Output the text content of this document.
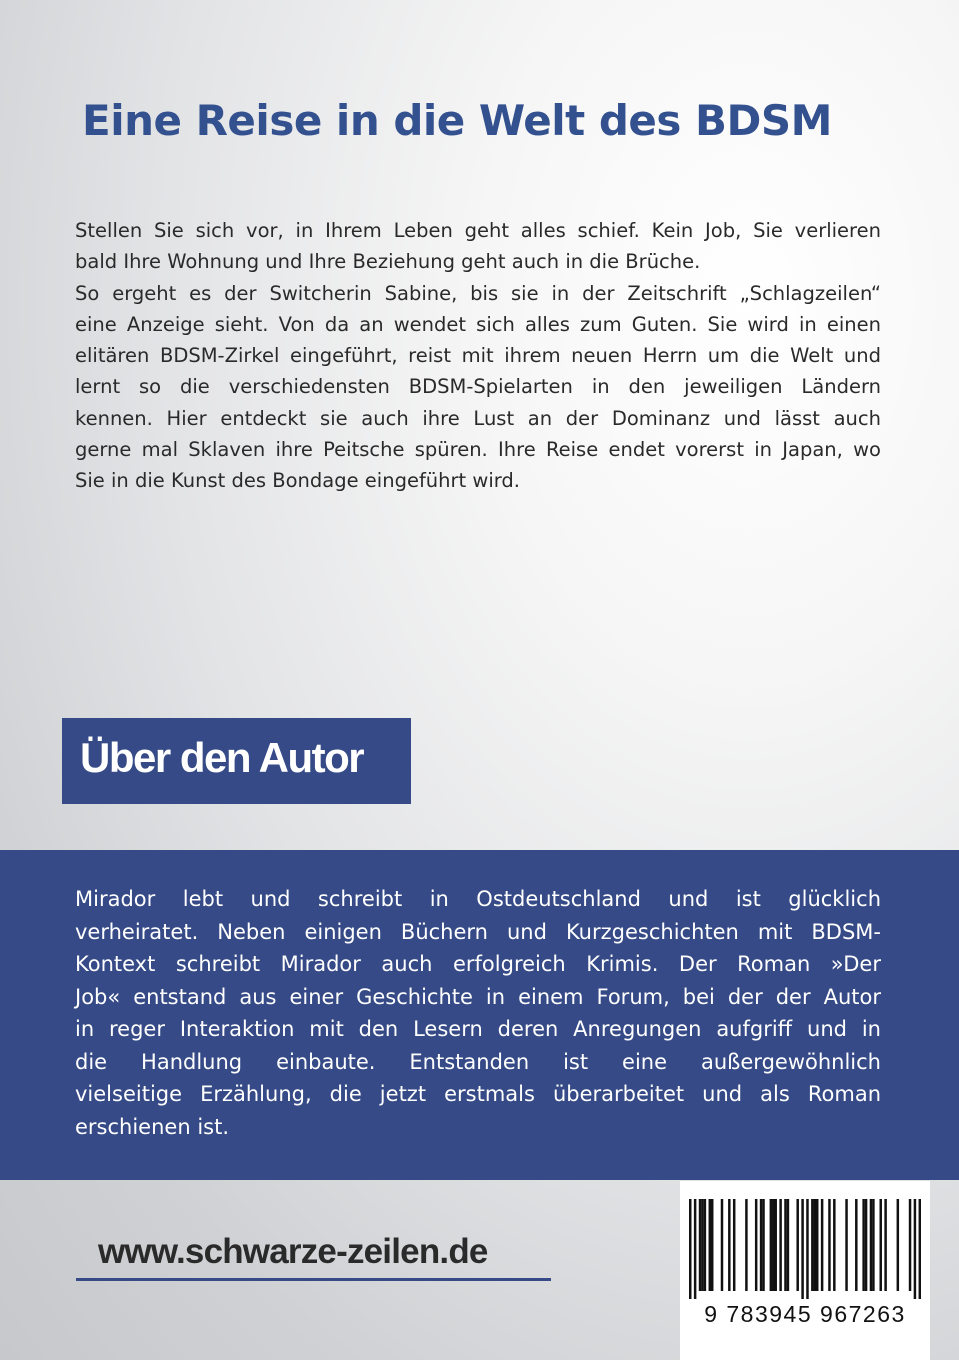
Eine Reise in die Welt des BDSM
Stellen Sie sich vor, in Ihrem Leben geht alles schief. Kein Job, Sie verlieren
bald Ihre Wohnung und Ihre Beziehung geht auch in die Brüche.
So ergeht es der Switcherin Sabine, bis sie in der Zeitschrift „Schlagzeilen“
eine Anzeige sieht. Von da an wendet sich alles zum Guten. Sie wird in einen
elitären BDSM-Zirkel eingeführt, reist mit ihrem neuen Herrn um die Welt und
lernt so die verschiedensten BDSM-Spielarten in den jeweiligen Ländern
kennen. Hier entdeckt sie auch ihre Lust an der Dominanz und lässt auch
gerne mal Sklaven ihre Peitsche spüren. Ihre Reise endet vorerst in Japan, wo
Sie in die Kunst des Bondage eingeführt wird.
Über den Autor
Mirador lebt und schreibt in Ostdeutschland und ist glücklich
verheiratet. Neben einigen Büchern und Kurzgeschichten mit BDSM-
Kontext schreibt Mirador auch erfolgreich Krimis. Der Roman »Der
Job« entstand aus einer Geschichte in einem Forum, bei der der Autor
in reger Interaktion mit den Lesern deren Anregungen aufgriff und in
die Handlung einbaute. Entstanden ist eine außergewöhnlich
vielseitige Erzählung, die jetzt erstmals überarbeitet und als Roman
erschienen ist.

www.schwarze-zeilen.de

9 783945 967263
